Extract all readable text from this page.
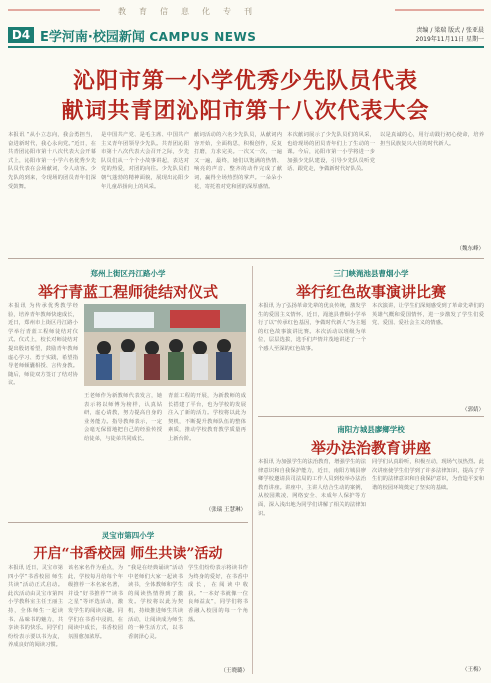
教育信息化专刊
D4 E学河南·校园新闻 CAMPUS NEWS	责编 / 梁瑞 版式 / 张亚晨
2019年11月11日 星期一
沁阳市第一小学优秀少先队员代表
献词共青团沁阳市第十八次代表大会
本报讯 “从小立志向，我会勇担当，奋进新时代，我心永向党。”近日，在共青团沁阳市第十八次代表大会开幕式上，沁阳市第一小学六名优秀少先队员代表在会场献词，令人动容。少先队的到来，令现场的团员青年们深受鼓舞。
是中国共产党、是毛主席、中国共产主义青年团领导少先队。共青团沁阳市第十八次代表大会召开之际，少先队员们从一个个小故事讲起，表达对党的热爱，对团的向往。少先队员们朝气蓬勃的精神面貌，展现出沁阳少年儿童昂扬向上的风采。
献词活动的六名少先队员，从献词内容开始，全面构思，积极创作，反复打磨，力求完美。一次又一次，一遍又一遍，最终，她们以饱满的热情、响亮的声音、整齐的动作完成了献词，赢得全场热烈的掌声。一朵朵小花，寄托着对党和团的深厚感情。
本次献词展示了少先队员们的风采，也给现场的团员青年们上了生动的一课。今后，沁阳市第一小学将进一步加强少先队建设，引导少先队员听党话、跟党走，争做新时代好队员。
以是真诚的心，用行动践行初心使命，培养担当民族复兴大任的时代新人。
（魏东峰）
郑州上街区丹江路小学
举行青蓝工程师徒结对仪式
本报讯 为传承优秀教学经验，培养青年教师快速成长，近日，郑州市上街区丹江路小学举行青蓝工程师徒结对仪式。仪式上，校长对师徒结对提出殷切希望，鼓励青年教师虚心学习、勇于实践，希望指导老师倾囊相授、言传身教。随后，师徒双方签订了结对协议。
王老师作为新教师代表发言，她表示将以师傅为榜样，认真钻研，虚心请教，努力提高自身的业务能力。指导教师表示，一定会毫无保留地把自己的经验传授给徒弟，与徒弟共同成长。
青蓝工程的开展，为新教师的成长搭建了平台，也为学校的发展注入了新的活力。学校将以此为契机，不断提升教师队伍的整体素质，推动学校教育教学质量再上新台阶。
（张瑞 王慧琳）
三门峡渑池县曹烟小学
举行红色故事演讲比赛
本报讯 为了弘扬革命先辈的优良传统，激发学生的爱国主义情怀，近日，渑池县曹烟小学举行了以“传承红色基因，争做时代新人”为主题的红色故事演讲比赛。本次活动以班级为单位，层层选拔，选手们声情并茂地讲述了一个个感人至深的红色故事。
本次演讲，让学生们深刻感受到了革命先辈们的英雄气概和爱国情怀，进一步激发了学生们爱党、爱国、爱社会主义的情感。
（郭婧）
南阳方城县廖鄉学校
举办法治教育讲座
本报讯 为加强学生的法治教育，增强学生的法律意识和自我保护能力，近日，南阳方城县廖鄉学校邀请县司法局的工作人员到校举办法治教育讲座。讲座中，主讲人结合生动的案例，从校园欺凌、网络安全、未成年人保护等方面，深入浅出地为同学们讲解了相关的法律知识。
同学们认真聆听，积极互动，现场气氛热烈。此次讲座使学生们学到了许多法律知识，提高了学生们的法律意识和自我保护意识，为营造平安和谐的校园环境奠定了坚实的基础。
（王梅）
灵宝市第四小学
开启“书香校园 师生共读”活动
本报讯 近日，灵宝市第四小学“书香校园 师生共读”活动正式启动。此次活动由灵宝市第四小学教科室主任王丽主持，全体师生一起读书、品味书的魅力，共享读书的快乐。同学们纷纷表示要以书为友，养成良好的阅读习惯。
该名家名作为重点，为此，学校每月给每个年级推荐一本名家名著，并设“好书推荐”“读书之星”等评选活动，激发学生的阅读兴趣。同学们在书香中浸润，在阅读中成长，书香校园氛围愈加浓厚。
“我是在经典诵读”活动中老师们大家一起读书读书，全体教师和学生的阅读热情得到了激发。学校将以此为契机，持续推进师生共读活动，让阅读成为师生的一种生活方式，以书香润泽心灵。
学生们纷纷表示将读书作为终身的爱好，在书香中成长，在阅读中收获。“一本好书就像一位良师益友”，同学们将书香融入校园的每一个角落。
（王晓璐）
